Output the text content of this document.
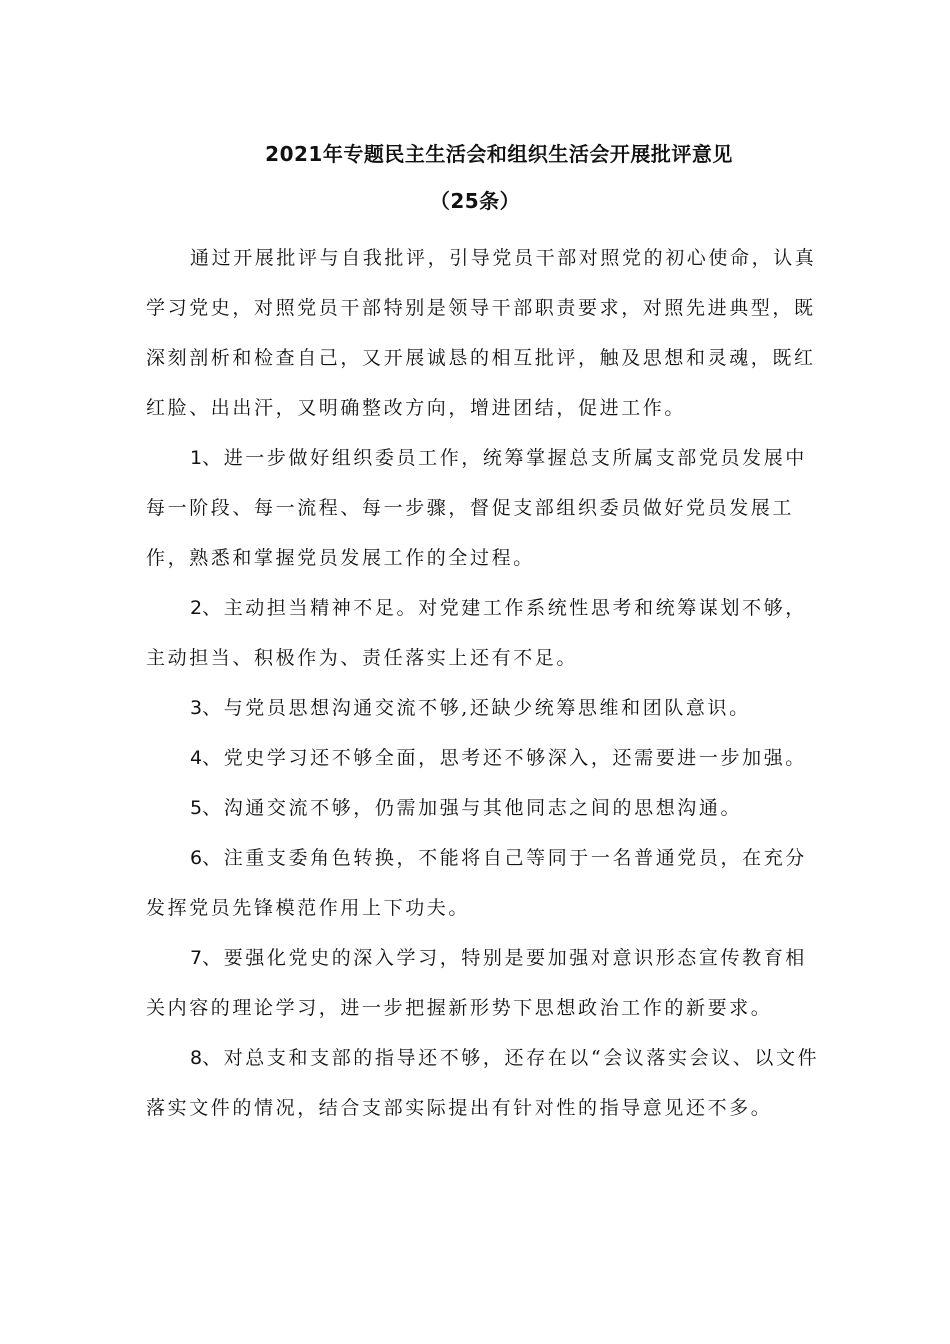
2021年专题民主生活会和组织生活会开展批评意见
（25条）

通过开展批评与自我批评，引导党员干部对照党的初心使命，认真学习党史，对照党员干部特别是领导干部职责要求，对照先进典型，既深刻剖析和检查自己，又开展诚恳的相互批评，触及思想和灵魂，既红红脸、出出汗，又明确整改方向，增进团结，促进工作。

1、进一步做好组织委员工作，统筹掌握总支所属支部党员发展中每一阶段、每一流程、每一步骤，督促支部组织委员做好党员发展工作，熟悉和掌握党员发展工作的全过程。

2、主动担当精神不足。对党建工作系统性思考和统筹谋划不够，主动担当、积极作为、责任落实上还有不足。

3、与党员思想沟通交流不够,还缺少统筹思维和团队意识。

4、党史学习还不够全面，思考还不够深入，还需要进一步加强。

5、沟通交流不够，仍需加强与其他同志之间的思想沟通。

6、注重支委角色转换，不能将自己等同于一名普通党员，在充分发挥党员先锋模范作用上下功夫。

7、要强化党史的深入学习，特别是要加强对意识形态宣传教育相关内容的理论学习，进一步把握新形势下思想政治工作的新要求。

8、对总支和支部的指导还不够，还存在以“会议落实会议、以文件落实文件的情况，结合支部实际提出有针对性的指导意见还不多。
